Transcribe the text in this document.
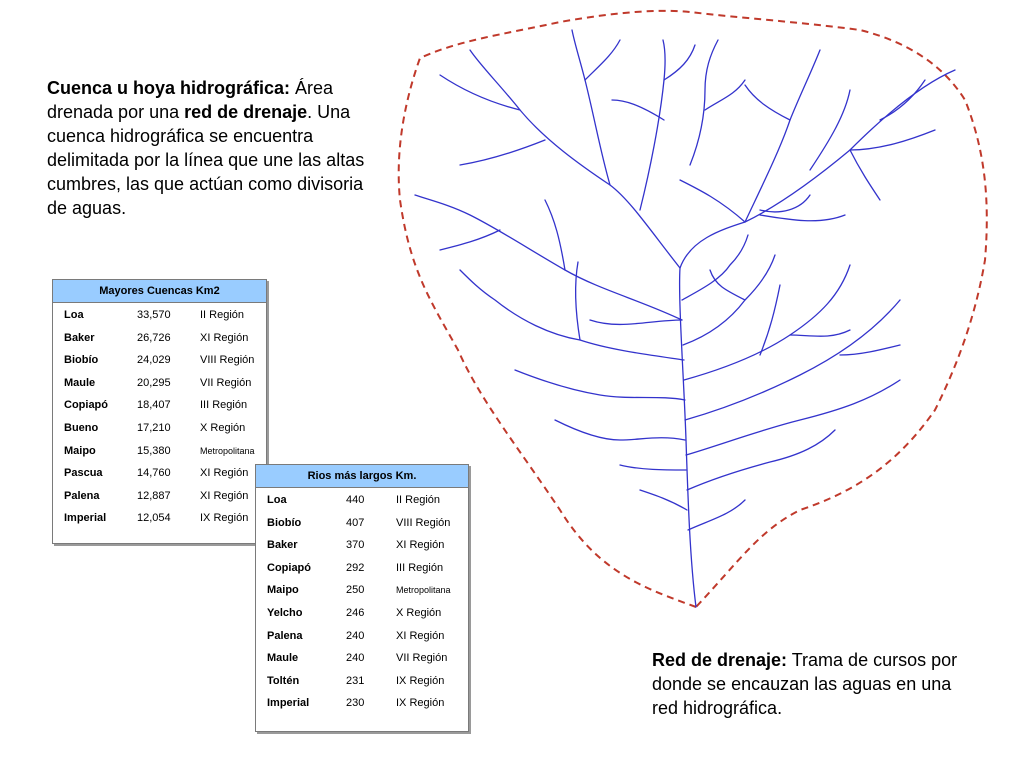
Cuenca u hoya hidrográfica: Área drenada por una red de drenaje. Una cuenca hidrográfica se encuentra delimitada por la línea que une las altas cumbres, las que actúan como divisoria de aguas.
Red de drenaje: Trama de cursos por donde se encauzan las aguas en una red hidrográfica.
Mayores Cuencas Km2
Loa	33,570	II Región
Baker	26,726	XI Región
Biobío	24,029	VIII Región
Maule	20,295	VII Región
Copiapó	18,407	III Región
Bueno	17,210	X Región
Maipo	15,380	Metropolitana
Pascua	14,760	XI Región
Palena	12,887	XI Región
Imperial	12,054	IX Región
Rios más largos Km.
Loa	440	II Región
Biobío	407	VIII Región
Baker	370	XI Región
Copiapó	292	III Región
Maipo	250	Metropolitana
Yelcho	246	X Región
Palena	240	XI Región
Maule	240	VII Región
Toltén	231	IX Región
Imperial	230	IX Región
